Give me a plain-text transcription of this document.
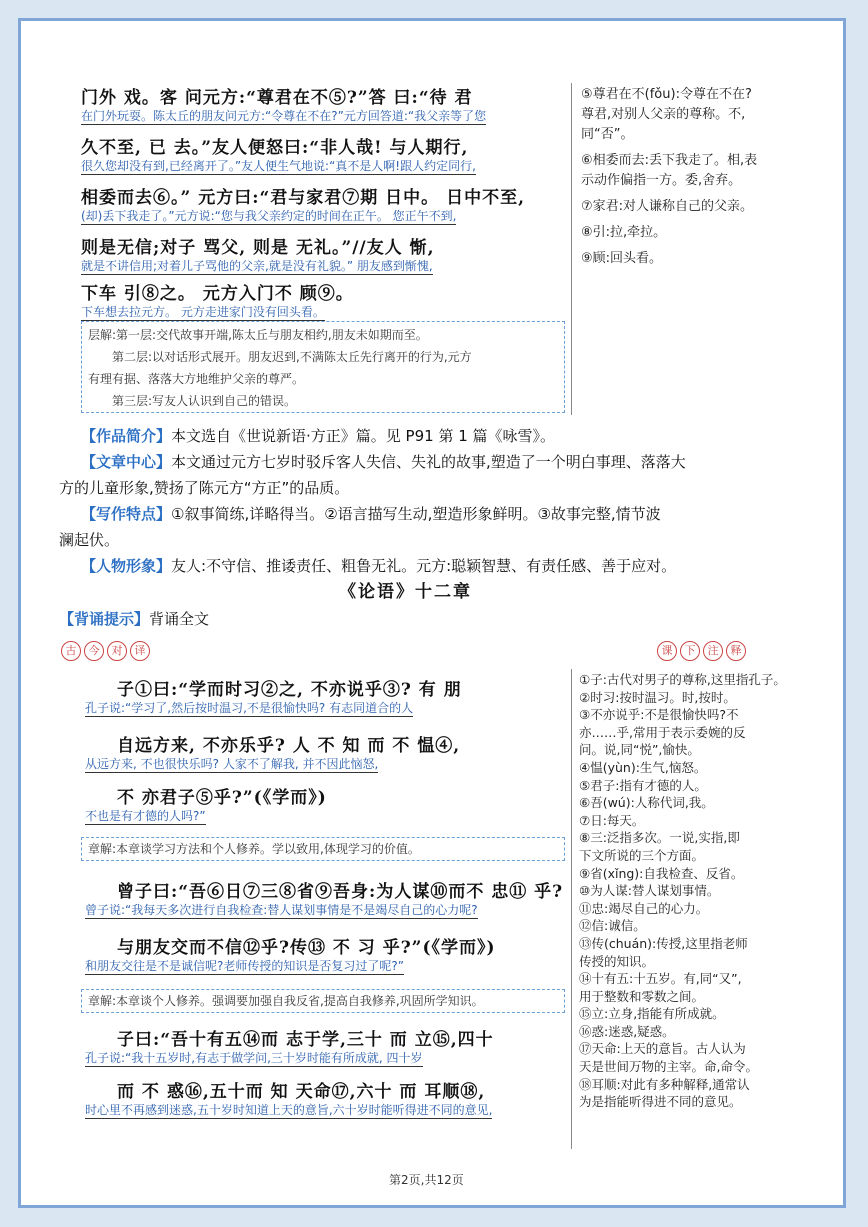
门外 戏。客 问元方:“尊君在不⑤?”答 曰:“待 君
在门外玩耍。陈太丘的朋友问元方:“令尊在不在?”元方回答道:“我父亲等了您
久不至, 已 去。”友人便怒曰:“非人哉! 与人期行,
很久您却没有到,已经离开了。”友人便生气地说:“真不是人啊!跟人约定同行,
相委而去⑥。” 元方曰:“君与家君⑦期 日中。 日中不至,
(却)丢下我走了。”元方说:“您与我父亲约定的时间在正午。 您正午不到,
则是无信;对子 骂父, 则是 无礼。”//友人 惭,
就是不讲信用;对着儿子骂他的父亲,就是没有礼貌。” 朋友感到惭愧,
下车 引⑧之。 元方入门不 顾⑨。
下车想去拉元方。 元方走进家门没有回头看。
层解:第一层:交代故事开端,陈太丘与朋友相约,朋友未如期而至。
第二层:以对话形式展开。朋友迟到,不满陈太丘先行离开的行为,元方
有理有据、落落大方地维护父亲的尊严。
第三层:写友人认识到自己的错误。
⑤尊君在不(fǒu):令尊在不在?
尊君,对别人父亲的尊称。不,
同“否”。
⑥相委而去:丢下我走了。相,表
示动作偏指一方。委,舍弃。
⑦家君:对人谦称自己的父亲。
⑧引:拉,牵拉。
⑨顾:回头看。
【作品简介】本文选自《世说新语·方正》篇。见 P91 第 1 篇《咏雪》。
【文章中心】本文通过元方七岁时驳斥客人失信、失礼的故事,塑造了一个明白事理、落落大
方的儿童形象,赞扬了陈元方“方正”的品质。
【写作特点】①叙事简练,详略得当。②语言描写生动,塑造形象鲜明。③故事完整,情节波
澜起伏。
【人物形象】友人:不守信、推诿责任、粗鲁无礼。元方:聪颖智慧、有责任感、善于应对。
《论语》十二章
【背诵提示】背诵全文
古 今 对 译	课 下 注 释
子①曰:“学而时习②之, 不亦说乎③? 有 朋
孔子说:“学习了,然后按时温习,不是很愉快吗? 有志同道合的人
自远方来, 不亦乐乎? 人 不 知 而 不 愠④,
从远方来, 不也很快乐吗? 人家不了解我, 并不因此恼怒,
不 亦君子⑤乎?”(《学而》)
不也是有才德的人吗?”
曾子曰:“吾⑥日⑦三⑧省⑨吾身:为人谋⑩而不 忠⑪ 乎?
曾子说:“我每天多次进行自我检查:替人谋划事情是不是竭尽自己的心力呢?
与朋友交而不信⑫乎?传⑬ 不 习 乎?”(《学而》)
和朋友交往是不是诚信呢?老师传授的知识是否复习过了呢?”
子曰:“吾十有五⑭而 志于学,三十 而 立⑮,四十
孔子说:“我十五岁时,有志于做学问,三十岁时能有所成就, 四十岁
而 不 惑⑯,五十而 知 天命⑰,六十 而 耳顺⑱,
时心里不再感到迷惑,五十岁时知道上天的意旨,六十岁时能听得进不同的意见,
章解:本章谈学习方法和个人修养。学以致用,体现学习的价值。
章解:本章谈个人修养。强调要加强自我反省,提高自我修养,巩固所学知识。
①子:古代对男子的尊称,这里指孔子。
②时习:按时温习。时,按时。
③不亦说乎:不是很愉快吗?不
亦……乎,常用于表示委婉的反
问。说,同“悦”,愉快。
④愠(yùn):生气,恼怒。
⑤君子:指有才德的人。
⑥吾(wú):人称代词,我。
⑦日:每天。
⑧三:泛指多次。一说,实指,即
下文所说的三个方面。
⑨省(xǐng):自我检查、反省。
⑩为人谋:替人谋划事情。
⑪忠:竭尽自己的心力。
⑫信:诚信。
⑬传(chuán):传授,这里指老师
传授的知识。
⑭十有五:十五岁。有,同“又”,
用于整数和零数之间。
⑮立:立身,指能有所成就。
⑯惑:迷惑,疑惑。
⑰天命:上天的意旨。古人认为
天是世间万物的主宰。命,命令。
⑱耳顺:对此有多种解释,通常认
为是指能听得进不同的意见。
第2页,共12页
